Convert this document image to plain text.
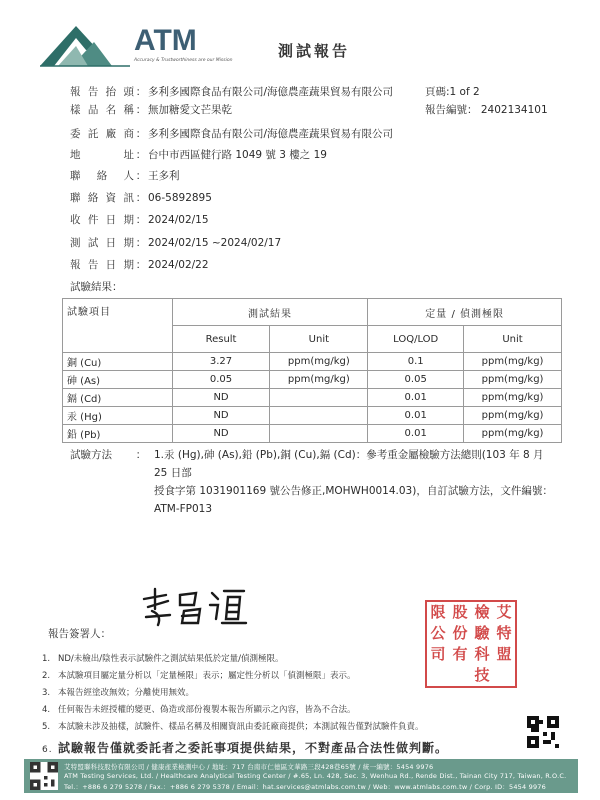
ATM
Accuracy & Trustworthiness are our Mission
測試報告
報告抬頭 ： 多利多國際食品有限公司/海億農產蔬果貿易有限公司	頁碼:1 of 2
樣品名稱 ： 無加糖愛文芒果乾	報告編號： 2402134101
委託廠商 ： 多利多國際食品有限公司/海億農產蔬果貿易有限公司
地　　址 ： 台中市西區健行路 1049 號 3 樓之 19
聯絡人 ： 王多利
聯絡資訊 ： 06-5892895
收件日期 ： 2024/02/15
測試日期 ： 2024/02/15 ~2024/02/17
報告日期 ： 2024/02/22
試驗結果：
試驗項目	測試結果		定量 / 偵測極限	
	Result	Unit	LOQ/LOD	Unit
銅 (Cu)	3.27	ppm(mg/kg)	0.1	ppm(mg/kg)
砷 (As)	0.05	ppm(mg/kg)	0.05	ppm(mg/kg)
鎘 (Cd)	ND		0.01	ppm(mg/kg)
汞 (Hg)	ND		0.01	ppm(mg/kg)
鉛 (Pb)	ND		0.01	ppm(mg/kg)
試驗方法 ： 1.汞 (Hg),砷 (As),鉛 (Pb),銅 (Cu),鎘 (Cd)：參考重金屬檢驗方法總則(103 年 8 月 25 日部
授食字第 1031901169 號公告修正,MOHWH0014.03)，自訂試驗方法，文件編號：
ATM-FP013
報告簽署人：
艾
特
盟
檢
驗
科
技
股
份
有
限
公
司
1. ND/未檢出/陰性表示試驗件之測試結果低於定量/偵測極限。
2. 本試驗項目屬定量分析以「定量極限」表示；屬定性分析以「偵測極限」表示。
3. 本報告經塗改無效；分離使用無效。
4. 任何報告未經授權的變更、偽造或部份複製本報告所顯示之內容，皆為不合法。
5. 本試驗未涉及抽樣，試驗件、樣品名稱及相關資訊由委託廠商提供；本測試報告僅對試驗件負責。
6. 試驗報告僅就委託者之委託事項提供結果，不對產品合法性做判斷。
艾特盟聯科技股份有限公司 / 健康產業檢測中心 / 地址：717 台南市仁德區文華路三段428巷65號 / 統一編號：5454 9976
ATM Testing Services, Ltd. / Healthcare Analytical Testing Center / #.65, Ln. 428, Sec. 3, Wenhua Rd., Rende Dist., Tainan City 717, Taiwan, R.O.C.
Tel.：+886 6 279 5278 / Fax.：+886 6 279 5378 / Email：hat.services@atmlabs.com.tw / Web：www.atmlabs.com.tw / Corp. ID：5454 9976
